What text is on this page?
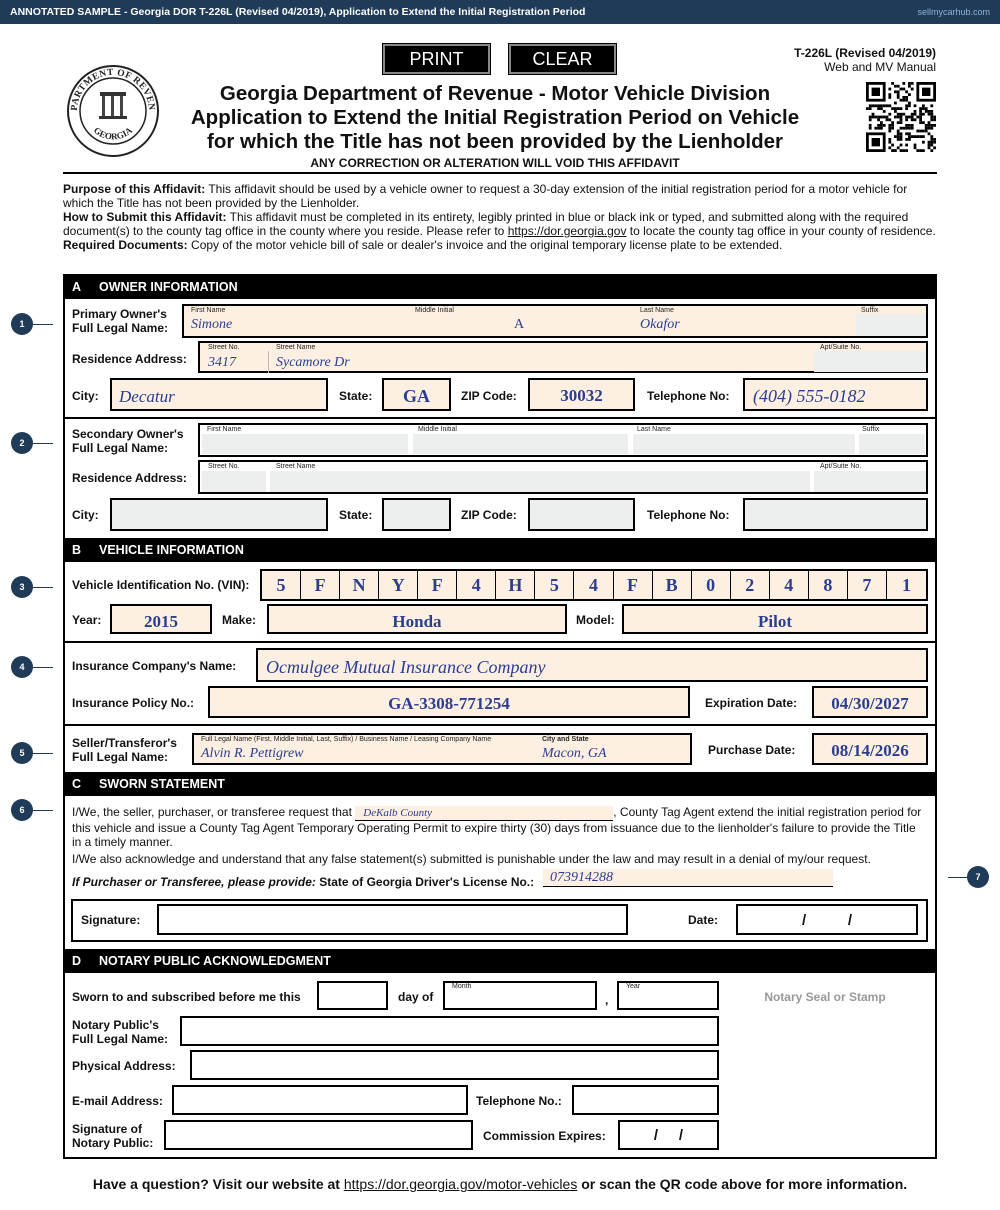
ANNOTATED SAMPLE - Georgia DOR T-226L (Revised 04/2019), Application to Extend the Initial Registration Period	sellmycarhub.com
PRINT	CLEAR	T-226L (Revised 04/2019)
Web and MV Manual
PARTMENT OF REVEN
GEORGIA
Georgia Department of Revenue - Motor Vehicle Division
Application to Extend the Initial Registration Period on Vehicle
for which the Title has not been provided by the Lienholder
ANY CORRECTION OR ALTERATION WILL VOID THIS AFFIDAVIT
Purpose of this Affidavit: This affidavit should be used by a vehicle owner to request a 30-day extension of the initial registration period for a motor vehicle for which the Title has not been provided by the Lienholder.
How to Submit this Affidavit: This affidavit must be completed in its entirety, legibly printed in blue or black ink or typed, and submitted along with the required document(s) to the county tag office in the county where you reside. Please refer to https://dor.georgia.gov to locate the county tag office in your county of residence.
Required Documents: Copy of the motor vehicle bill of sale or dealer's invoice and the original temporary license plate to be extended.
A OWNER INFORMATION
Primary Owner's
Full Legal Name:
First Name	Middle Initial	Last Name	Suffix
Simone	A	Okafor
Residence Address:
Street No.	Street Name	Apt/Suite No.
3417	Sycamore Dr
City: Decatur	State:	GA	ZIP Code:	30032	Telephone No: (404) 555-0182
Secondary Owner's
Full Legal Name:
First Name	Middle Initial	Last Name	Suffix
Residence Address:
Street No.	Street Name	Apt/Suite No.
City:	State:	ZIP Code:	Telephone No:
B VEHICLE INFORMATION
Vehicle Identification No. (VIN):	5	F	N	Y	F	4	H	5	4	F	B	0	2	4	8	7	1
Year:	2015	Make:	Honda	Model:	Pilot
Insurance Company's Name: Ocmulgee Mutual Insurance Company
Insurance Policy No.:	GA-3308-771254	Expiration Date:	04/30/2027
Seller/Transferor's
Full Legal Name:
Full Legal Name (First, Middle Initial, Last, Suffix) / Business Name / Leasing Company Name	City and State
Alvin R. Pettigrew	Macon, GA	Purchase Date:	08/14/2026
C SWORN STATEMENT
I/We, the seller, purchaser, or transferee request that DeKalb County	, County Tag Agent extend the initial registration period for this vehicle and issue a County Tag Agent Temporary Operating Permit to expire thirty (30) days from issuance due to the lienholder's failure to provide the Title in a timely manner.
I/We also acknowledge and understand that any false statement(s) submitted is punishable under the law and may result in a denial of my/our request.
If Purchaser or Transferee, please provide: State of Georgia Driver's License No.:	073914288
Signature:	Date:	/          /
D NOTARY PUBLIC ACKNOWLEDGMENT
Sworn to and subscribed before me this	day of
Month
,
Year
Notary Seal or Stamp
Notary Public's
Full Legal Name:
Physical Address:
E-mail Address:	Telephone No.:
Signature of
Notary Public:	Commission Expires:	/     /
Have a question? Visit our website at https://dor.georgia.gov/motor-vehicles or scan the QR code above for more information.
1
2
3
4
5
6
7
